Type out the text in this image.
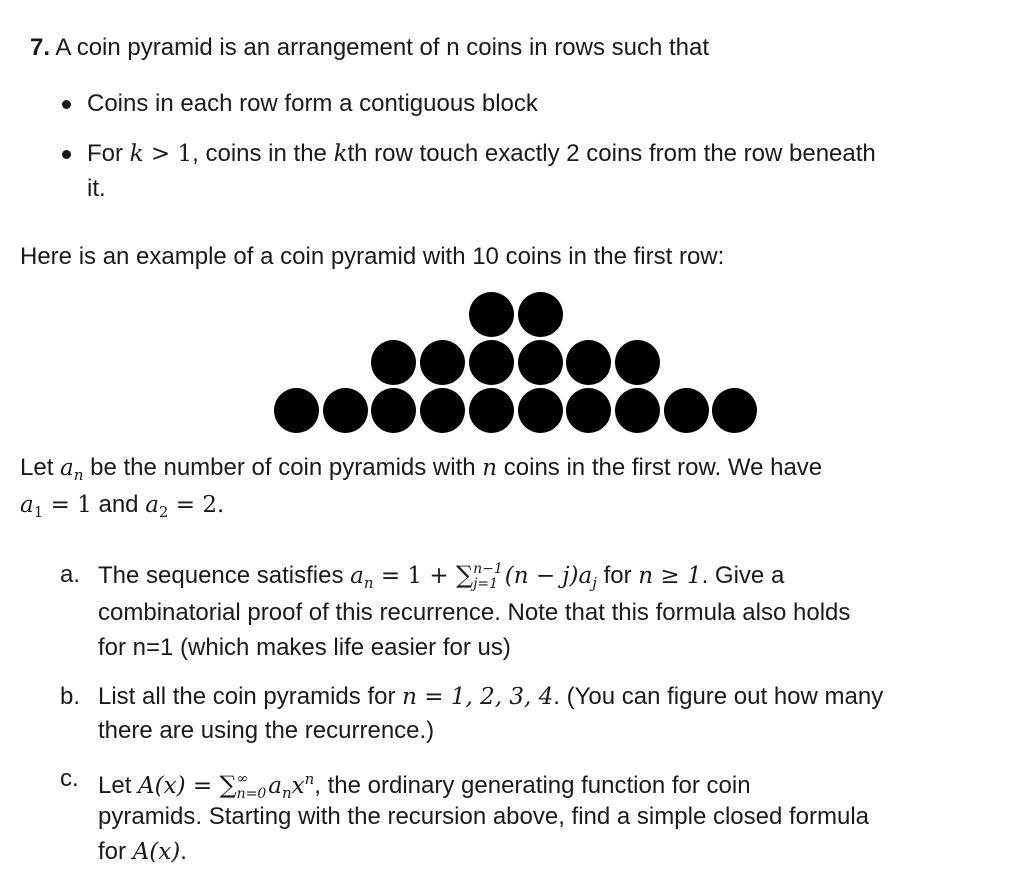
7. A coin pyramid is an arrangement of n coins in rows such that
Coins in each row form a contiguous block
For k > 1, coins in the kth row touch exactly 2 coins from the row beneath
it.
Here is an example of a coin pyramid with 10 coins in the first row:
Let $a_n$ be the number of coin pyramids with n coins in the first row. We have
$a_1 = 1$ and $a_2 = 2$.
a. The sequence satisfies $a_n = 1$ + ∑ n−1
j=1 $(n - j)a_j$ for n ≥ 1. Give a
combinatorial proof of this recurrence. Note that this formula also holds
for n=1 (which makes life easier for us)
b. List all the coin pyramids for n = 1, 2, 3, 4. (You can figure out how many
there are using the recurrence.)
c. Let A(x) = ∑ ∞
n=0 $a_nx^n$, the ordinary generating function for coin
pyramids. Starting with the recursion above, find a simple closed formula
for A(x).
